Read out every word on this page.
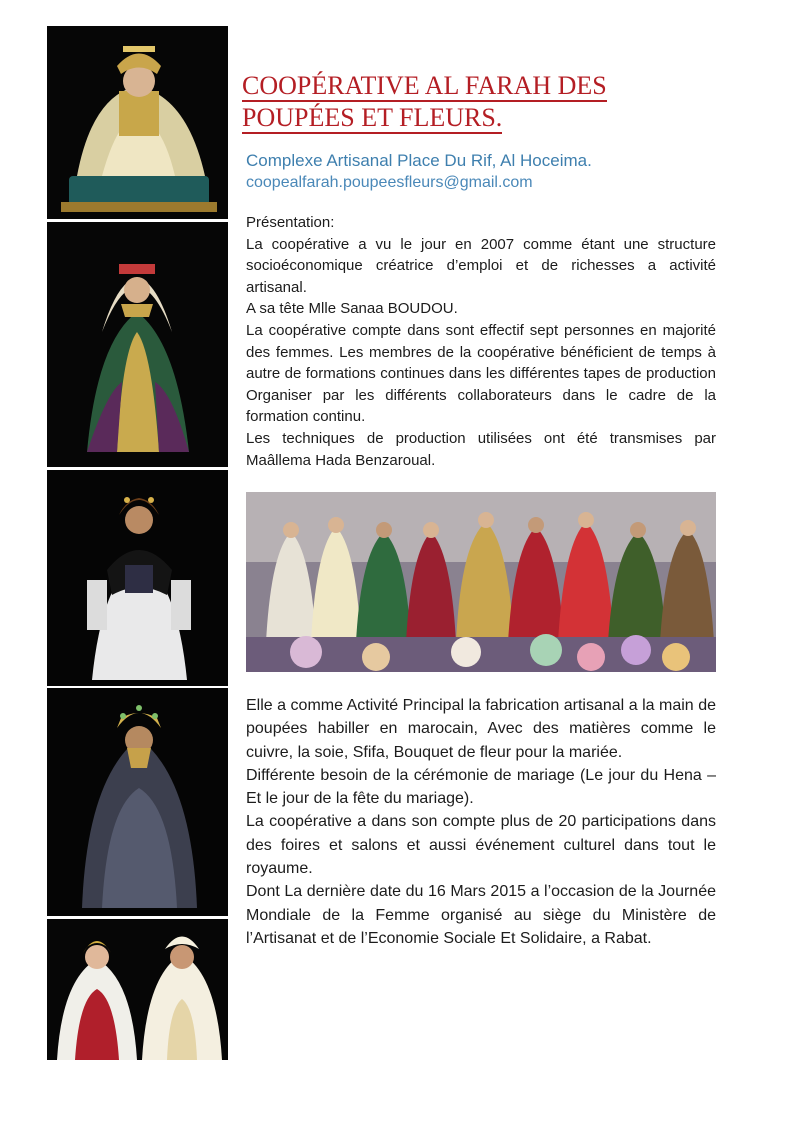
COOPÉRATIVE AL FARAH DES
POUPÉES ET FLEURS.

Complexe Artisanal Place Du Rif, Al Hoceima.

coopealfarah.poupeesfleurs@gmail.com

Présentation:

La coopérative a vu le jour en 2007 comme étant une structure socioéconomique créatrice d’emploi et de richesses a activité artisanal.

A sa tête Mlle Sanaa BOUDOU.

La coopérative compte dans sont effectif sept personnes en majorité des femmes. Les membres de la coopérative bénéficient de temps à autre de formations continues dans les différentes tapes de production Organiser par les différents collaborateurs dans le cadre de la formation continu.

Les techniques de production utilisées ont été transmises par Maâllema Hada Benzaroual.

Elle a comme Activité Principal la fabrication artisanal a la main de poupées habiller en marocain, Avec des matières comme le cuivre, la soie, Sfifa, Bouquet de fleur pour la mariée.

Différente besoin de la cérémonie de mariage (Le jour du Hena – Et le jour de la fête du mariage).

La coopérative a dans son compte plus de 20 participations dans des foires et salons et aussi événement culturel dans tout le royaume.

Dont La dernière date du 16 Mars 2015 a l’occasion de la Journée Mondiale de la Femme organisé au siège du Ministère de l’Artisanat et de l’Economie Sociale Et Solidaire, a Rabat.
